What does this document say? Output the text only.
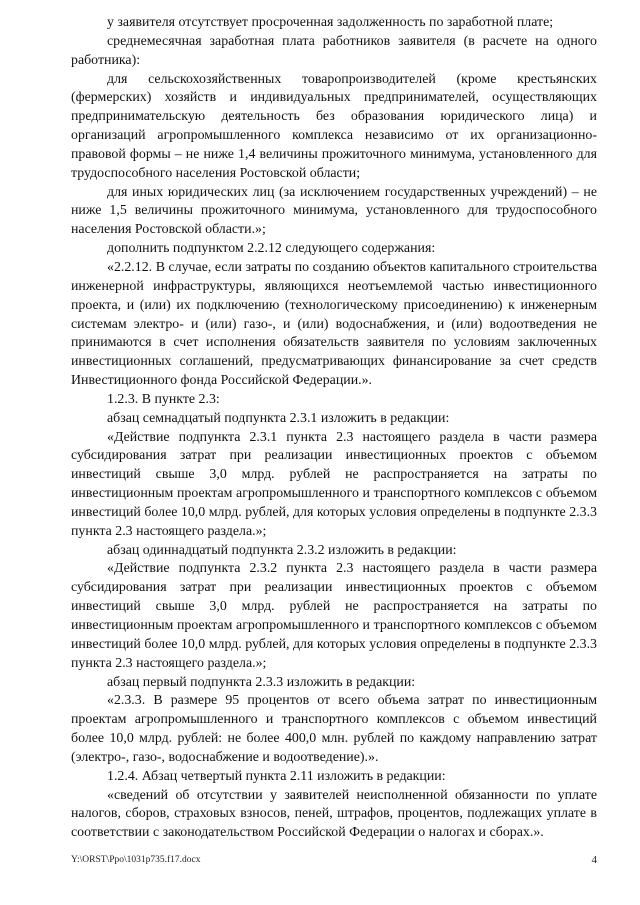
у заявителя отсутствует просроченная задолженность по заработной плате;

среднемесячная заработная плата работников заявителя (в расчете на одного работника):

для сельскохозяйственных товаропроизводителей (кроме крестьянских (фермерских) хозяйств и индивидуальных предпринимателей, осуществляющих предпринимательскую деятельность без образования юридического лица) и организаций агропромышленного комплекса независимо от их организационно-правовой формы – не ниже 1,4 величины прожиточного минимума, установленного для трудоспособного населения Ростовской области;

для иных юридических лиц (за исключением государственных учреждений) – не ниже 1,5 величины прожиточного минимума, установленного для трудоспособного населения Ростовской области.»;

дополнить подпунктом 2.2.12 следующего содержания:

«2.2.12. В случае, если затраты по созданию объектов капитального строительства инженерной инфраструктуры, являющихся неотъемлемой частью инвестиционного проекта, и (или) их подключению (технологическому присоединению) к инженерным системам электро- и (или) газо-, и (или) водоснабжения, и (или) водоотведения не принимаются в счет исполнения обязательств заявителя по условиям заключенных инвестиционных соглашений, предусматривающих финансирование за счет средств Инвестиционного фонда Российской Федерации.».

1.2.3. В пункте 2.3:

абзац семнадцатый подпункта 2.3.1 изложить в редакции:

«Действие подпункта 2.3.1 пункта 2.3 настоящего раздела в части размера субсидирования затрат при реализации инвестиционных проектов с объемом инвестиций свыше 3,0 млрд. рублей не распространяется на затраты по инвестиционным проектам агропромышленного и транспортного комплексов с объемом инвестиций более 10,0 млрд. рублей, для которых условия определены в подпункте 2.3.3 пункта 2.3 настоящего раздела.»;

абзац одиннадцатый подпункта 2.3.2 изложить в редакции:

«Действие подпункта 2.3.2 пункта 2.3 настоящего раздела в части размера субсидирования затрат при реализации инвестиционных проектов с объемом инвестиций свыше 3,0 млрд. рублей не распространяется на затраты по инвестиционным проектам агропромышленного и транспортного комплексов с объемом инвестиций более 10,0 млрд. рублей, для которых условия определены в подпункте 2.3.3 пункта 2.3 настоящего раздела.»;

абзац первый подпункта 2.3.3 изложить в редакции:

«2.3.3. В размере 95 процентов от всего объема затрат по инвестиционным проектам агропромышленного и транспортного комплексов с объемом инвестиций более 10,0 млрд. рублей: не более 400,0 млн. рублей по каждому направлению затрат (электро-, газо-, водоснабжение и водоотведение).».

1.2.4. Абзац четвертый пункта 2.11 изложить в редакции:

«сведений об отсутствии у заявителей неисполненной обязанности по уплате налогов, сборов, страховых взносов, пеней, штрафов, процентов, подлежащих уплате в соответствии с законодательством Российской Федерации о налогах и сборах.».

Y:\ORST\Ppo\1031p735.f17.docx	4
